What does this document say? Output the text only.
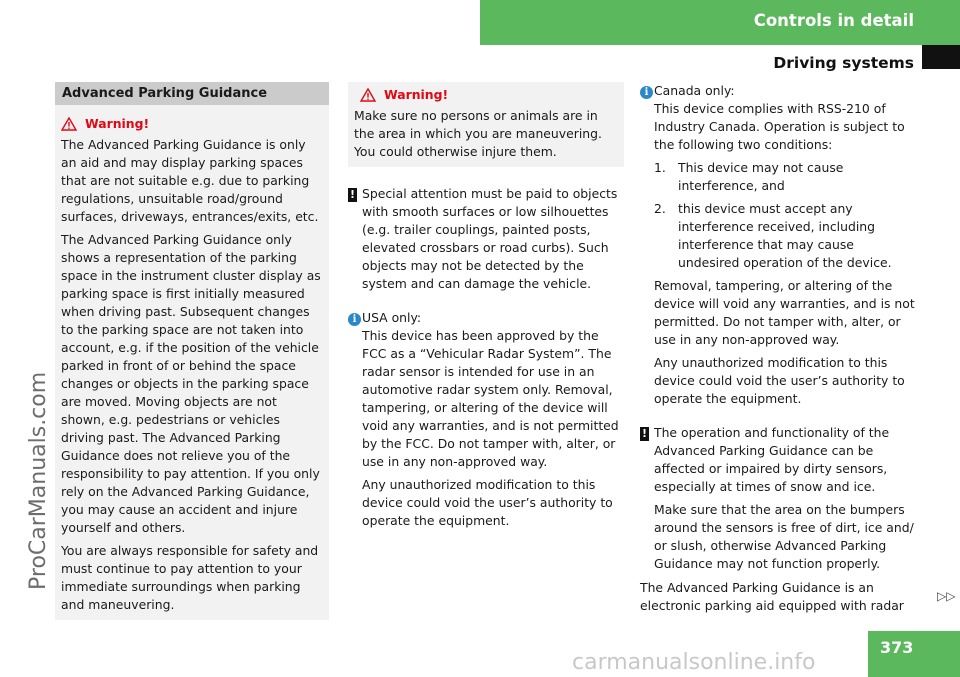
Controls in detail
Driving systems
ProCarManuals.com
Advanced Parking Guidance
Warning!

The Advanced Parking Guidance is only an aid and may display parking spaces that are not suitable e.g. due to parking regulations, unsuitable road/ground surfaces, driveways, entrances/exits, etc.

The Advanced Parking Guidance only shows a representation of the parking space in the instrument cluster display as parking space is first initially measured when driving past. Subsequent changes to the parking space are not taken into account, e.g. if the position of the vehicle parked in front of or behind the space changes or objects in the parking space are moved. Moving objects are not shown, e.g. pedestrians or vehicles driving past. The Advanced Parking Guidance does not relieve you of the responsibility to pay attention. If you only rely on the Advanced Parking Guidance, you may cause an accident and injure yourself and others.

You are always responsible for safety and must continue to pay attention to your immediate surroundings when parking and maneuvering.

Warning!

Make sure no persons or animals are in the area in which you are maneuvering. You could otherwise injure them.

! Special attention must be paid to objects with smooth surfaces or low silhouettes (e.g. trailer couplings, painted posts, elevated crossbars or road curbs). Such objects may not be detected by the system and can damage the vehicle.
i USA only:

This device has been approved by the FCC as a “Vehicular Radar System”. The radar sensor is intended for use in an automotive radar system only. Removal, tampering, or altering of the device will void any warranties, and is not permitted by the FCC. Do not tamper with, alter, or use in any non-approved way.

Any unauthorized modification to this device could void the user’s authority to operate the equipment.

i Canada only:

This device complies with RSS-210 of Industry Canada. Operation is subject to the following two conditions:

1. This device may not cause interference, and
2. this device must accept any interference received, including interference that may cause undesired operation of the device.

Removal, tampering, or altering of the device will void any warranties, and is not permitted. Do not tamper with, alter, or use in any non-approved way.

Any unauthorized modification to this device could void the user’s authority to operate the equipment.

! The operation and functionality of the Advanced Parking Guidance can be affected or impaired by dirty sensors, especially at times of snow and ice.

Make sure that the area on the bumpers around the sensors is free of dirt, ice and/ or slush, otherwise Advanced Parking Guidance may not function properly.

The Advanced Parking Guidance is an electronic parking aid equipped with radar

▷▷
373
carmanualsonline.info
